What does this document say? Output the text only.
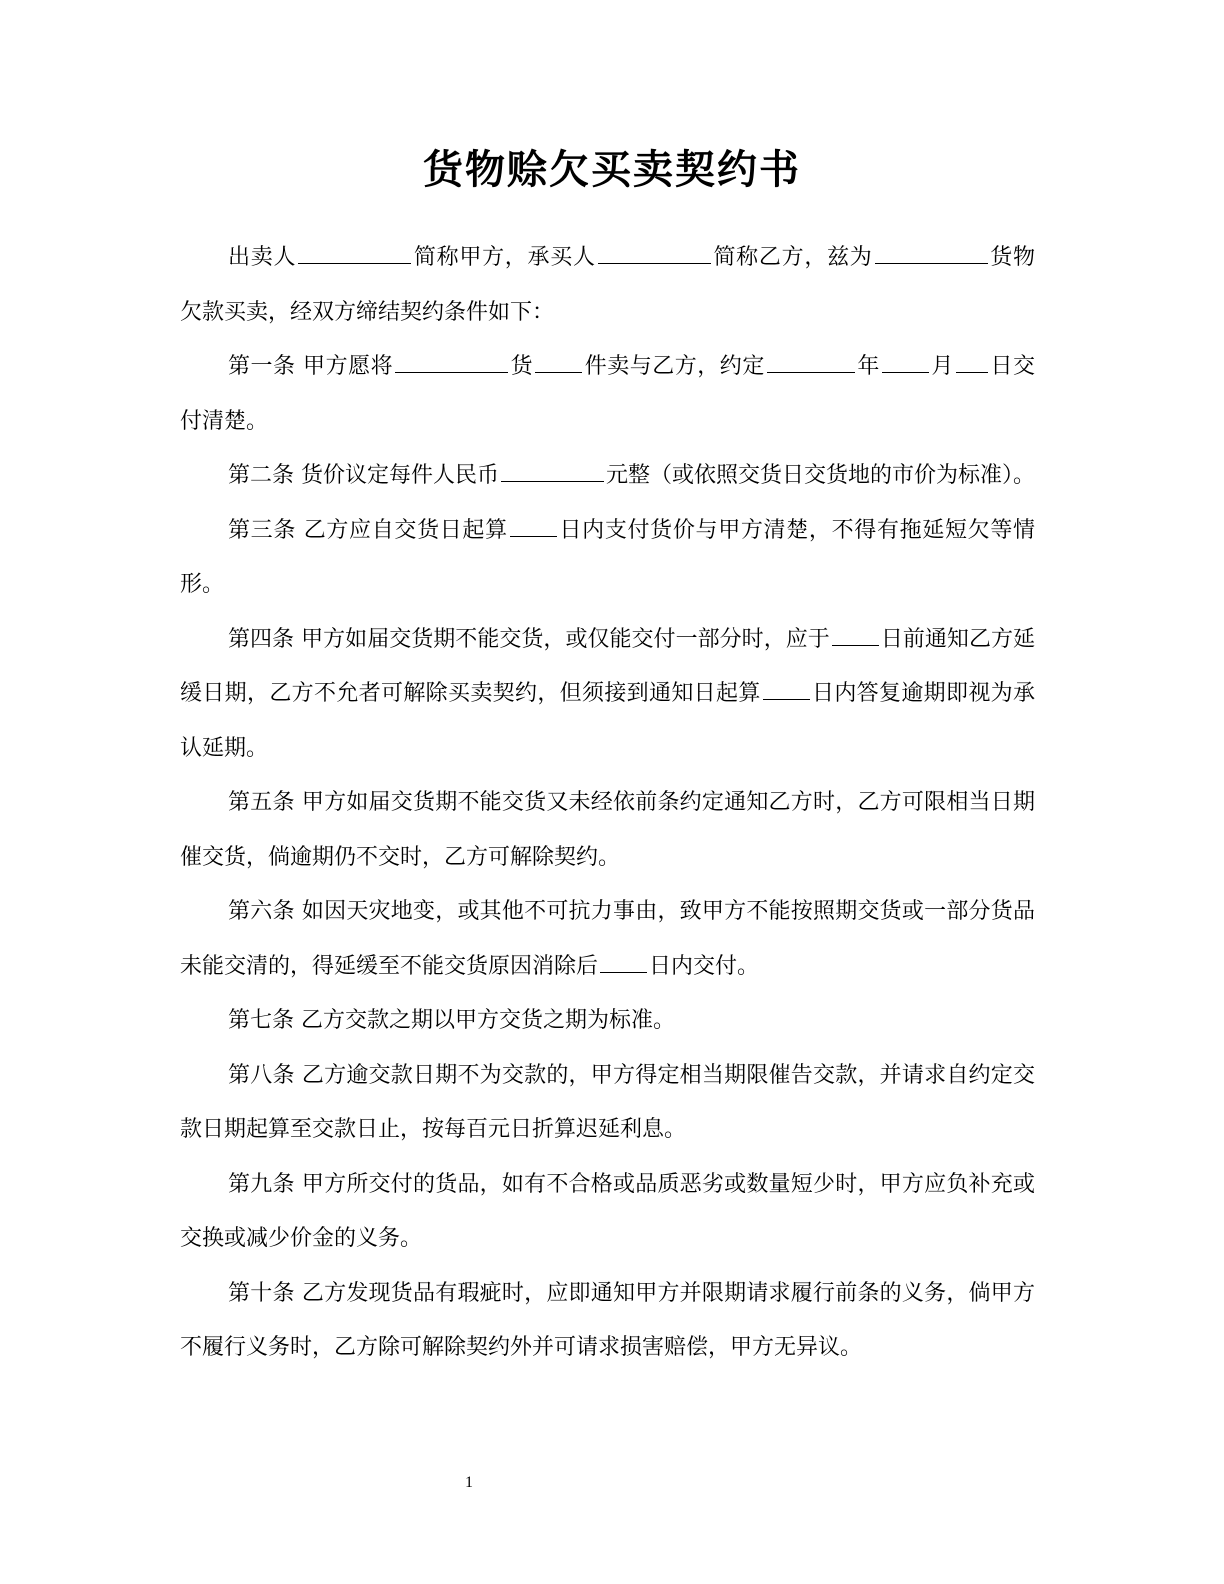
货物赊欠买卖契约书

出卖人	简称甲方，承买人	简称乙方，兹为	货物欠款买卖，经双方缔结契约条件如下：

第一条 甲方愿将	货 件卖与乙方，约定	年 月 日交付清楚。

第二条 货价议定每件人民币	元整（或依照交货日交货地的市价为标准）。

第三条 乙方应自交货日起算 日内支付货价与甲方清楚，不得有拖延短欠等情形。

第四条 甲方如届交货期不能交货，或仅能交付一部分时，应于 日前通知乙方延缓日期，乙方不允者可解除买卖契约，但须接到通知日起算 日内答复逾期即视为承认延期。

第五条 甲方如届交货期不能交货又未经依前条约定通知乙方时，乙方可限相当日期催交货，倘逾期仍不交时，乙方可解除契约。

第六条 如因天灾地变，或其他不可抗力事由，致甲方不能按照期交货或一部分货品未能交清的，得延缓至不能交货原因消除后 日内交付。

第七条 乙方交款之期以甲方交货之期为标准。

第八条 乙方逾交款日期不为交款的，甲方得定相当期限催告交款，并请求自约定交款日期起算至交款日止，按每百元日折算迟延利息。

第九条 甲方所交付的货品，如有不合格或品质恶劣或数量短少时，甲方应负补充或交换或减少价金的义务。

第十条 乙方发现货品有瑕疵时，应即通知甲方并限期请求履行前条的义务，倘甲方不履行义务时，乙方除可解除契约外并可请求损害赔偿，甲方无异议。

1
